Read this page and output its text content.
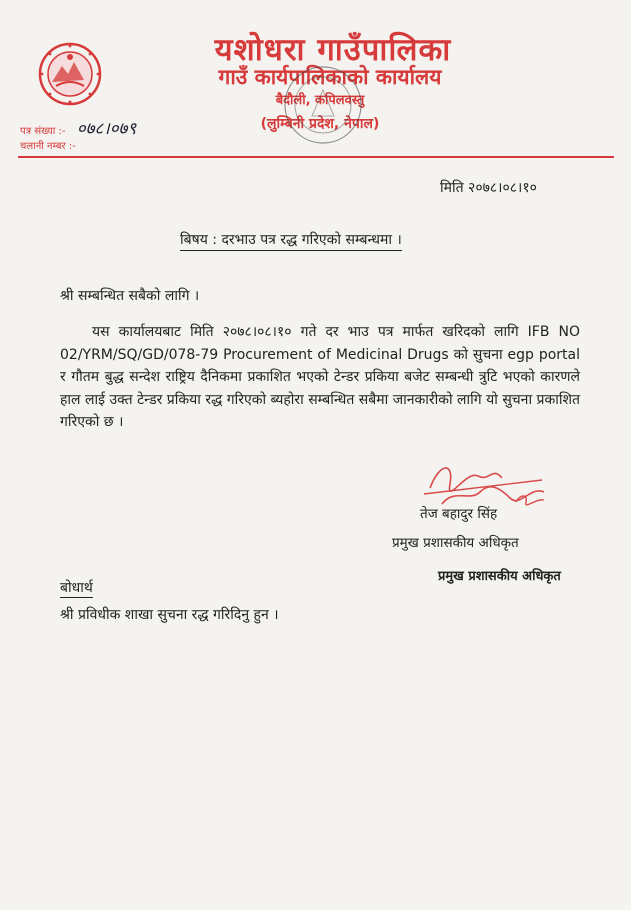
यशोधरा गाउँपालिका
गाउँ कार्यपालिकाको कार्यालय
बैदौली, कपिलवस्तु
(लुम्बिनी प्रदेश, नेपाल)
पत्र संख्या :- ०७८।०७९
चलानी नम्बर :-
मिति २०७८।०८।१०
बिषय : दरभाउ पत्र रद्ध गरिएको सम्बन्धमा ।
श्री सम्बन्धित सबैको लागि ।
यस कार्यालयबाट मिति २०७८।०८।१० गते दर भाउ पत्र मार्फत खरिदको लागि IFB NO 02/YRM/SQ/GD/078-79 Procurement of Medicinal Drugs को सुचना egp portal र गौतम बुद्ध सन्देश राष्ट्रिय दैनिकमा प्रकाशित भएको टेन्डर प्रकिया बजेट सम्बन्धी त्रुटि भएको कारणले हाल लाई उक्त टेन्डर प्रकिया रद्ध गरिएको ब्यहोरा सम्बन्धित सबैमा जानकारीको लागि यो सुचना प्रकाशित गरिएको छ ।
तेज बहादुर सिंह
प्रमुख प्रशासकीय अधिकृत
प्रमुख प्रशासकीय अधिकृत
बोधार्थ
श्री प्रविधीक शाखा सुचना रद्ध गरिदिनु हुन ।
